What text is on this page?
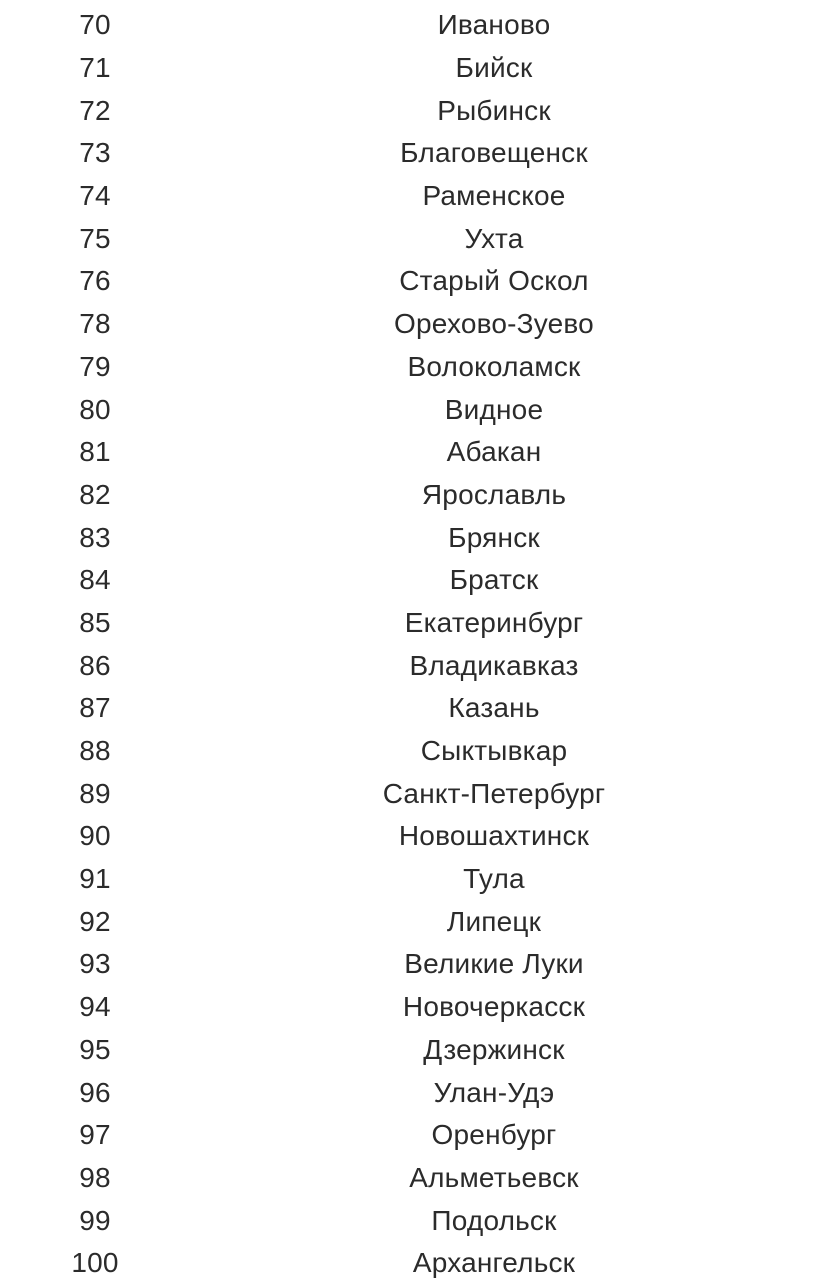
70	Иваново
71	Бийск
72	Рыбинск
73	Благовещенск
74	Раменское
75	Ухта
76	Старый Оскол
78	Орехово-Зуево
79	Волоколамск
80	Видное
81	Абакан
82	Ярославль
83	Брянск
84	Братск
85	Екатеринбург
86	Владикавказ
87	Казань
88	Сыктывкар
89	Санкт-Петербург
90	Новошахтинск
91	Тула
92	Липецк
93	Великие Луки
94	Новочеркасск
95	Дзержинск
96	Улан-Удэ
97	Оренбург
98	Альметьевск
99	Подольск
100	Архангельск
